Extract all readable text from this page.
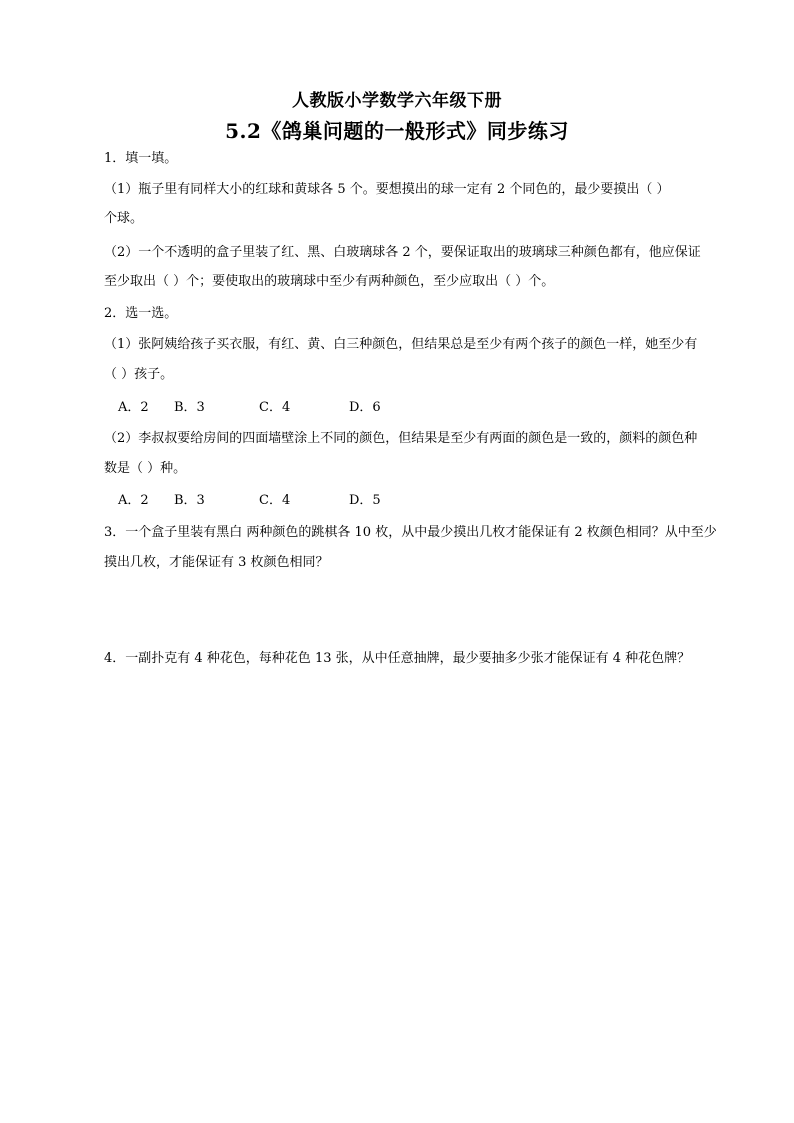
人教版小学数学六年级下册
5.2《鸽巢问题的一般形式》同步练习
1．填一填。
（1）瓶子里有同样大小的红球和黄球各 5 个。要想摸出的球一定有 2 个同色的，最少要摸出（ ）
个球。
（2）一个不透明的盒子里装了红、黑、白玻璃球各 2 个，要保证取出的玻璃球三种颜色都有，他应保证
至少取出（ ）个；要使取出的玻璃球中至少有两种颜色，至少应取出（ ）个。
2．选一选。
（1）张阿姨给孩子买衣服，有红、黄、白三种颜色，但结果总是至少有两个孩子的颜色一样，她至少有
（ ）孩子。
A．2 B．3	C．4	D．6
（2）李叔叔要给房间的四面墙壁涂上不同的颜色，但结果是至少有两面的颜色是一致的，颜料的颜色种
数是（ ）种。
A．2 B．3	C．4	D．5
3．一个盒子里装有黑白 两种颜色的跳棋各 10 枚，从中最少摸出几枚才能保证有 2 枚颜色相同？从中至少
摸出几枚，才能保证有 3 枚颜色相同？
4．一副扑克有 4 种花色，每种花色 13 张，从中任意抽牌，最少要抽多少张才能保证有 4 种花色牌？
